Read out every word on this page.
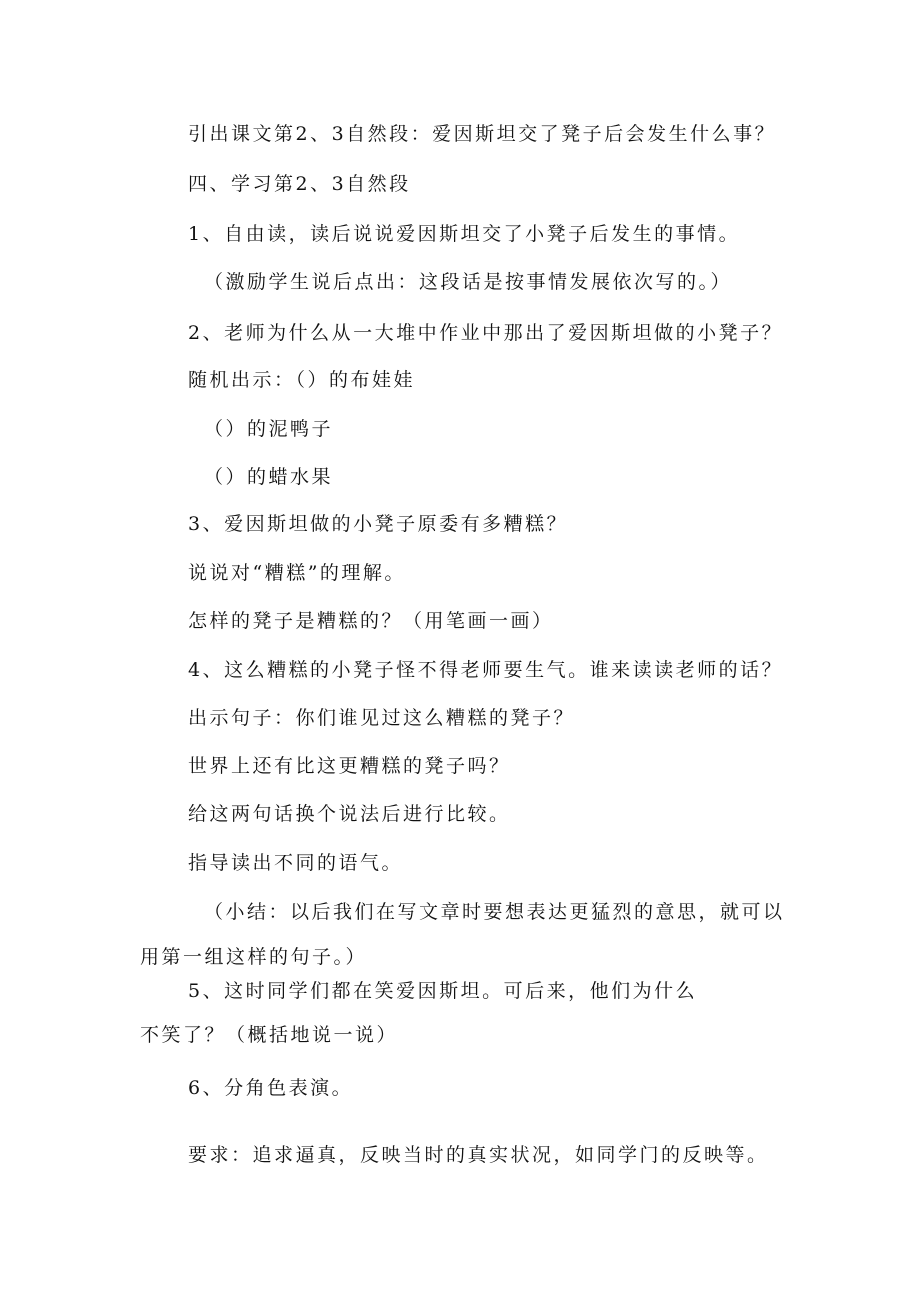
引出课文第2、3自然段：爱因斯坦交了凳子后会发生什么事？
四、学习第2、3自然段
1、自由读，读后说说爱因斯坦交了小凳子后发生的事情。
（激励学生说后点出：这段话是按事情发展依次写的。）
2、老师为什么从一大堆中作业中那出了爱因斯坦做的小凳子？
随机出示：（）的布娃娃
（）的泥鸭子
（）的蜡水果
3、爱因斯坦做的小凳子原委有多糟糕？
说说对“糟糕”的理解。
怎样的凳子是糟糕的？（用笔画一画）
4、这么糟糕的小凳子怪不得老师要生气。谁来读读老师的话？
出示句子：你们谁见过这么糟糕的凳子？
世界上还有比这更糟糕的凳子吗？
给这两句话换个说法后进行比较。
指导读出不同的语气。
（小结：以后我们在写文章时要想表达更猛烈的意思，就可以
用第一组这样的句子。）
5、这时同学们都在笑爱因斯坦。可后来，他们为什么
不笑了？（概括地说一说）
6、分角色表演。
要求：追求逼真，反映当时的真实状况，如同学门的反映等。
